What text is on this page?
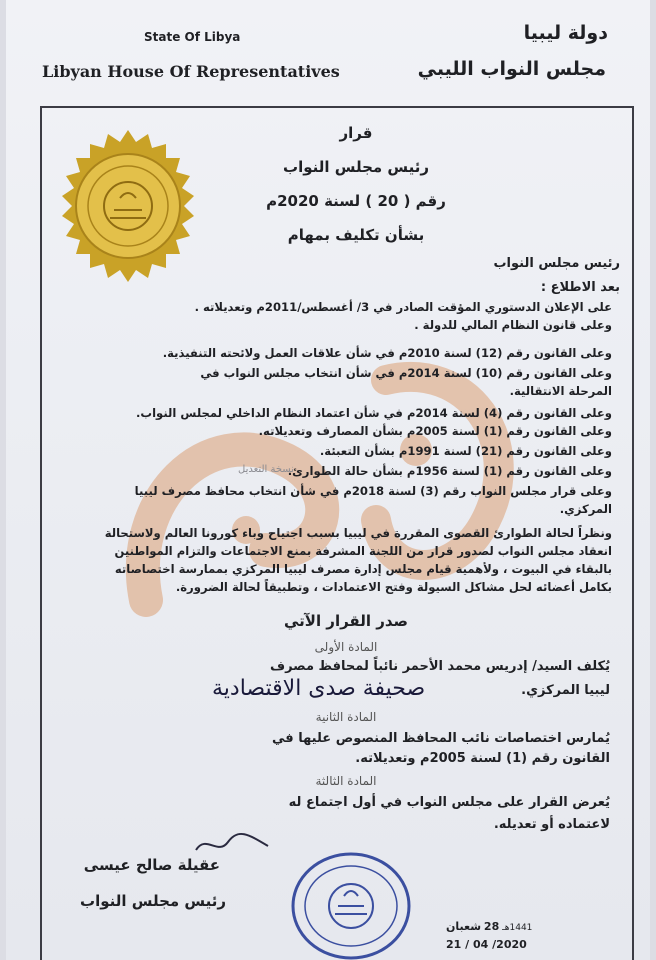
State Of Libya
Libyan House Of Representatives
دولة ليبيا
مجلس النواب الليبي
قرار
رئيس مجلس النواب
رقم ( 20 ) لسنة 2020م
بشأن تكليف بمهام
رئيس مجلس النواب
بعد الاطلاع :
على الإعلان الدستوري المؤقت الصادر في 3/ أغسطس/2011م وتعديلاته .
وعلى قانون النظام المالي للدولة .
وعلى القانون رقم (12) لسنة 2010م في شأن علاقات العمل ولائحته التنفيذية.
وعلى القانون رقم (10) لسنة 2014م في شأن انتخاب مجلس النواب في
المرحلة الانتقالية.
وعلى القانون رقم (4) لسنة 2014م في شأن اعتماد النظام الداخلي لمجلس النواب.
وعلى القانون رقم (1) لسنة 2005م بشأن المصارف وتعديلاته.
وعلى القانون رقم (21) لسنة 1991م بشأن التعبئة.
وعلى القانون رقم (1) لسنة 1956م بشأن حالة الطوارئ.
وعلى قرار مجلس النواب رقم (3) لسنة 2018م في شأن انتخاب محافظ مصرف ليبيا
المركزي.
ونظراً لحالة الطوارئ القصوى المقررة في ليبيا بسبب اجتياح وباء كورونا العالم ولاستحالة
انعقاد مجلس النواب لصدور قرار من اللجنة المشرفة بمنع الاجتماعات والتزام المواطنين
بالبقاء في البيوت ، ولأهمية قيام مجلس إدارة مصرف ليبيا المركزي بممارسة اختصاصاته
بكامل أعضائه لحل مشاكل السيولة وفتح الاعتمادات ، وتطبيقاً لحالة الضرورة.
نسخة التعديل
صدر القرار الآتي
المادة الأولى
يُكلف السيد/ إدريس محمد الأحمر نائباً لمحافظ مصرف
ليبيا المركزي.
المادة الثانية
يُمارس اختصاصات نائب المحافظ المنصوص عليها في
القانون رقم (1) لسنة 2005م وتعديلاته.
المادة الثالثة
يُعرض القرار على مجلس النواب في أول اجتماع له
لاعتماده أو تعديله.
صحيفة صدى الاقتصادية
عقيلة صالح عيسى
رئيس مجلس النواب
1441هـ 28 شعبان
2020/ 04 / 21
